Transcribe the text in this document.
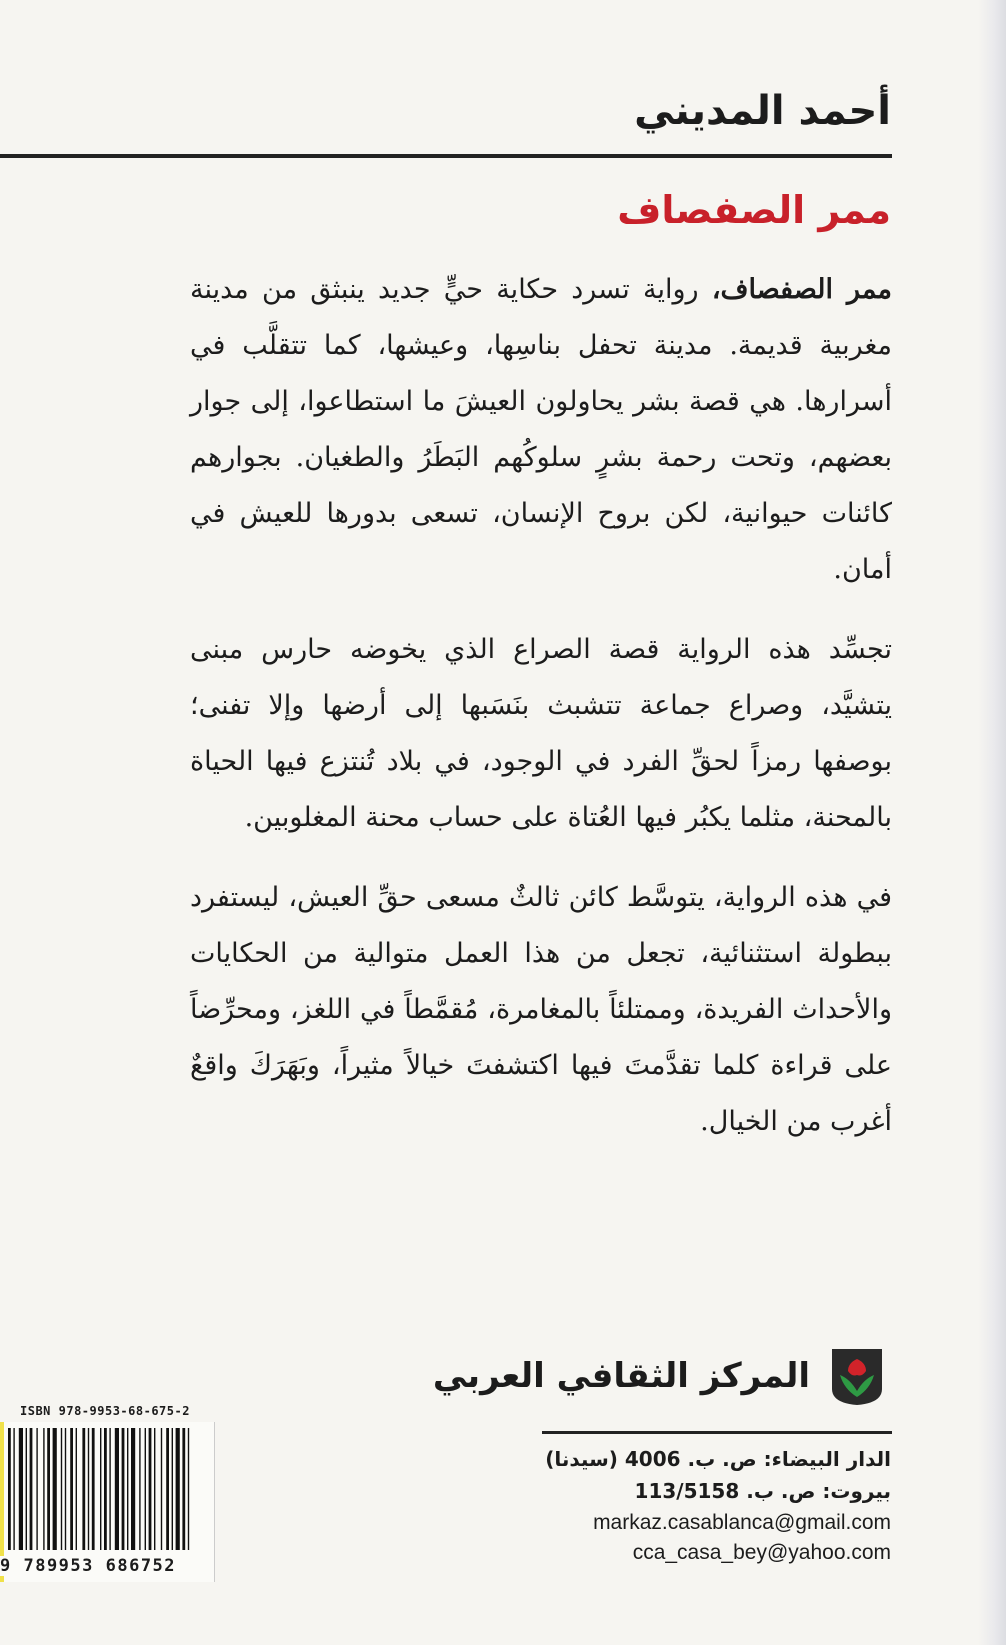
أحمد المديني
ممر الصفصاف

ممر الصفصاف، رواية تسرد حكاية حيٍّ جديد ينبثق من مدينة مغربية قديمة. مدينة تحفل بناسِها، وعيشها، كما تتقلَّب في أسرارها. هي قصة بشر يحاولون العيشَ ما استطاعوا، إلى جوار بعضهم، وتحت رحمة بشرٍ سلوكُهم البَطَرُ والطغيان. بجوارهم كائنات حيوانية، لكن بروح الإنسان، تسعى بدورها للعيش في أمان.

تجسِّد هذه الرواية قصة الصراع الذي يخوضه حارس مبنى يتشيَّد، وصراع جماعة تتشبث بنَسَبها إلى أرضها وإلا تفنى؛ بوصفها رمزاً لحقِّ الفرد في الوجود، في بلاد تُنتزع فيها الحياة بالمحنة، مثلما يكبُر فيها العُتاة على حساب محنة المغلوبين.

في هذه الرواية، يتوسَّط كائن ثالثٌ مسعى حقِّ العيش، ليستفرد ببطولة استثنائية، تجعل من هذا العمل متوالية من الحكايات والأحداث الفريدة، وممتلئاً بالمغامرة، مُقمَّطاً في اللغز، ومحرِّضاً على قراءة كلما تقدَّمتَ فيها اكتشفتَ خيالاً مثيراً، وبَهَرَكَ واقعٌ أغرب من الخيال.

المركز الثقافي العربي
الدار البيضاء: ص. ب. 4006 (سيدنا)
بيروت: ص. ب. 113/5158
markaz.casablanca@gmail.com
cca_casa_bey@yahoo.com
ISBN 978-9953-68-675-2
9 789953 686752
